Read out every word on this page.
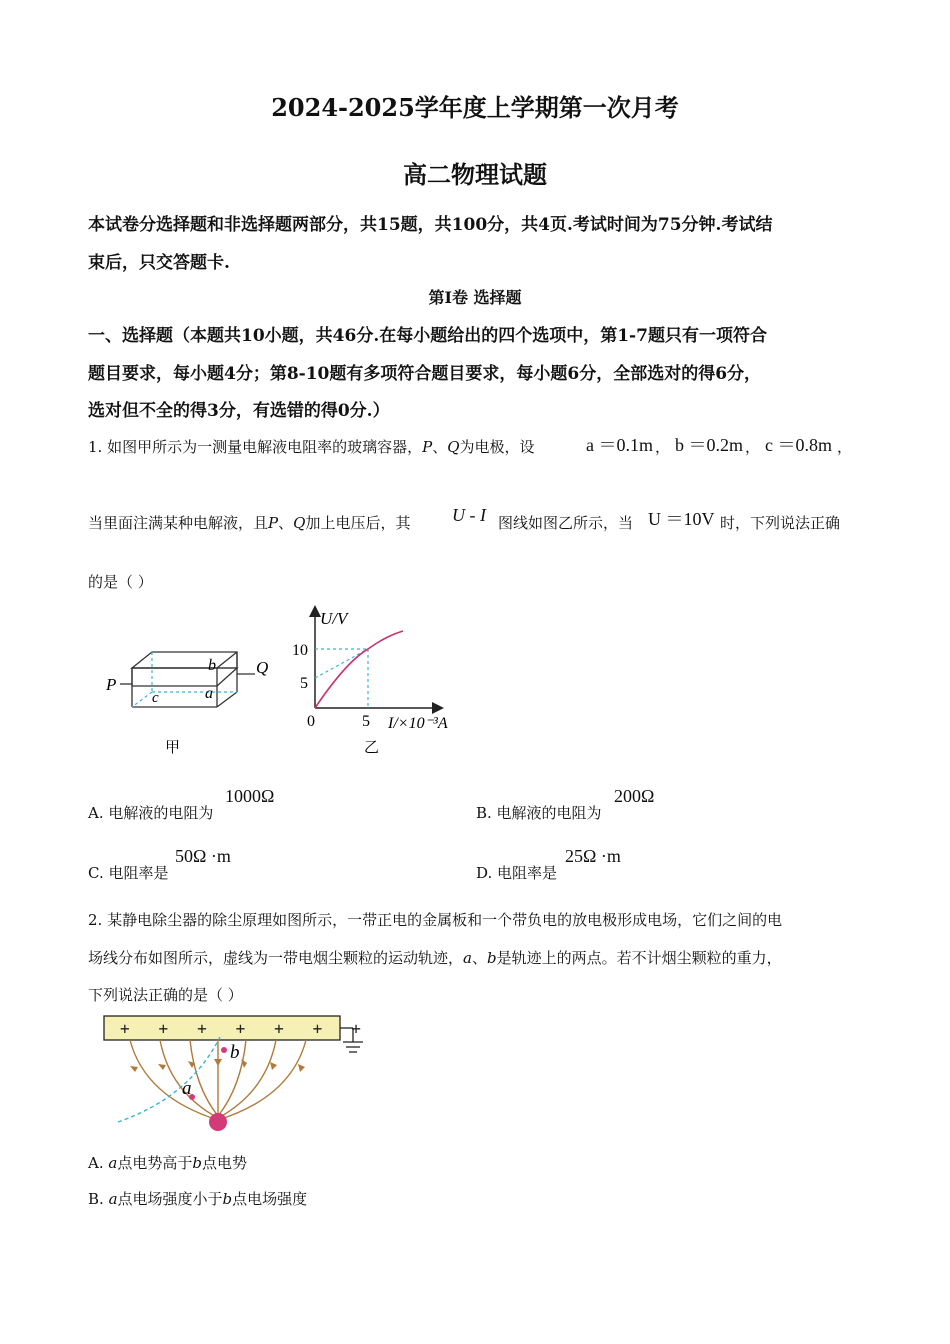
2024-2025学年度上学期第一次月考
高二物理试题
本试卷分选择题和非选择题两部分，共15题，共100分，共4页.考试时间为75分钟.考试结
束后，只交答题卡.
第Ⅰ卷 选择题
一、选择题（本题共10小题，共46分.在每小题给出的四个选项中，第1-7题只有一项符合
题目要求，每小题4分；第8-10题有多项符合题目要求，每小题6分，全部选对的得6分，
选对但不全的得3分，有选错的得0分.）
1. 如图甲所示为一测量电解液电阻率的玻璃容器，P、Q为电极，设	a ＝0.1m ， b ＝0.2m ， c ＝0.8m ，
当里面注满某种电解液，且P、Q加上电压后，其 U - I 图线如图乙所示，当 U ＝10V 时，下列说法正确
的是（ ）
P
Q
b
a
c
甲
U/V
10
5
0	5 I/×10⁻³A
乙
A. 电解液的电阻为
1000Ω
B. 电解液的电阻为
200Ω
C. 电阻率是
50Ω ·m
D. 电阻率是
25Ω ·m
2. 某静电除尘器的除尘原理如图所示，一带正电的金属板和一个带负电的放电极形成电场，它们之间的电
场线分布如图所示，虚线为一带电烟尘颗粒的运动轨迹，a、b是轨迹上的两点。若不计烟尘颗粒的重力，
下列说法正确的是（ ）
+   +   +   +   +   +   +
a
b
A. a点电势高于b点电势
B. a点电场强度小于b点电场强度
